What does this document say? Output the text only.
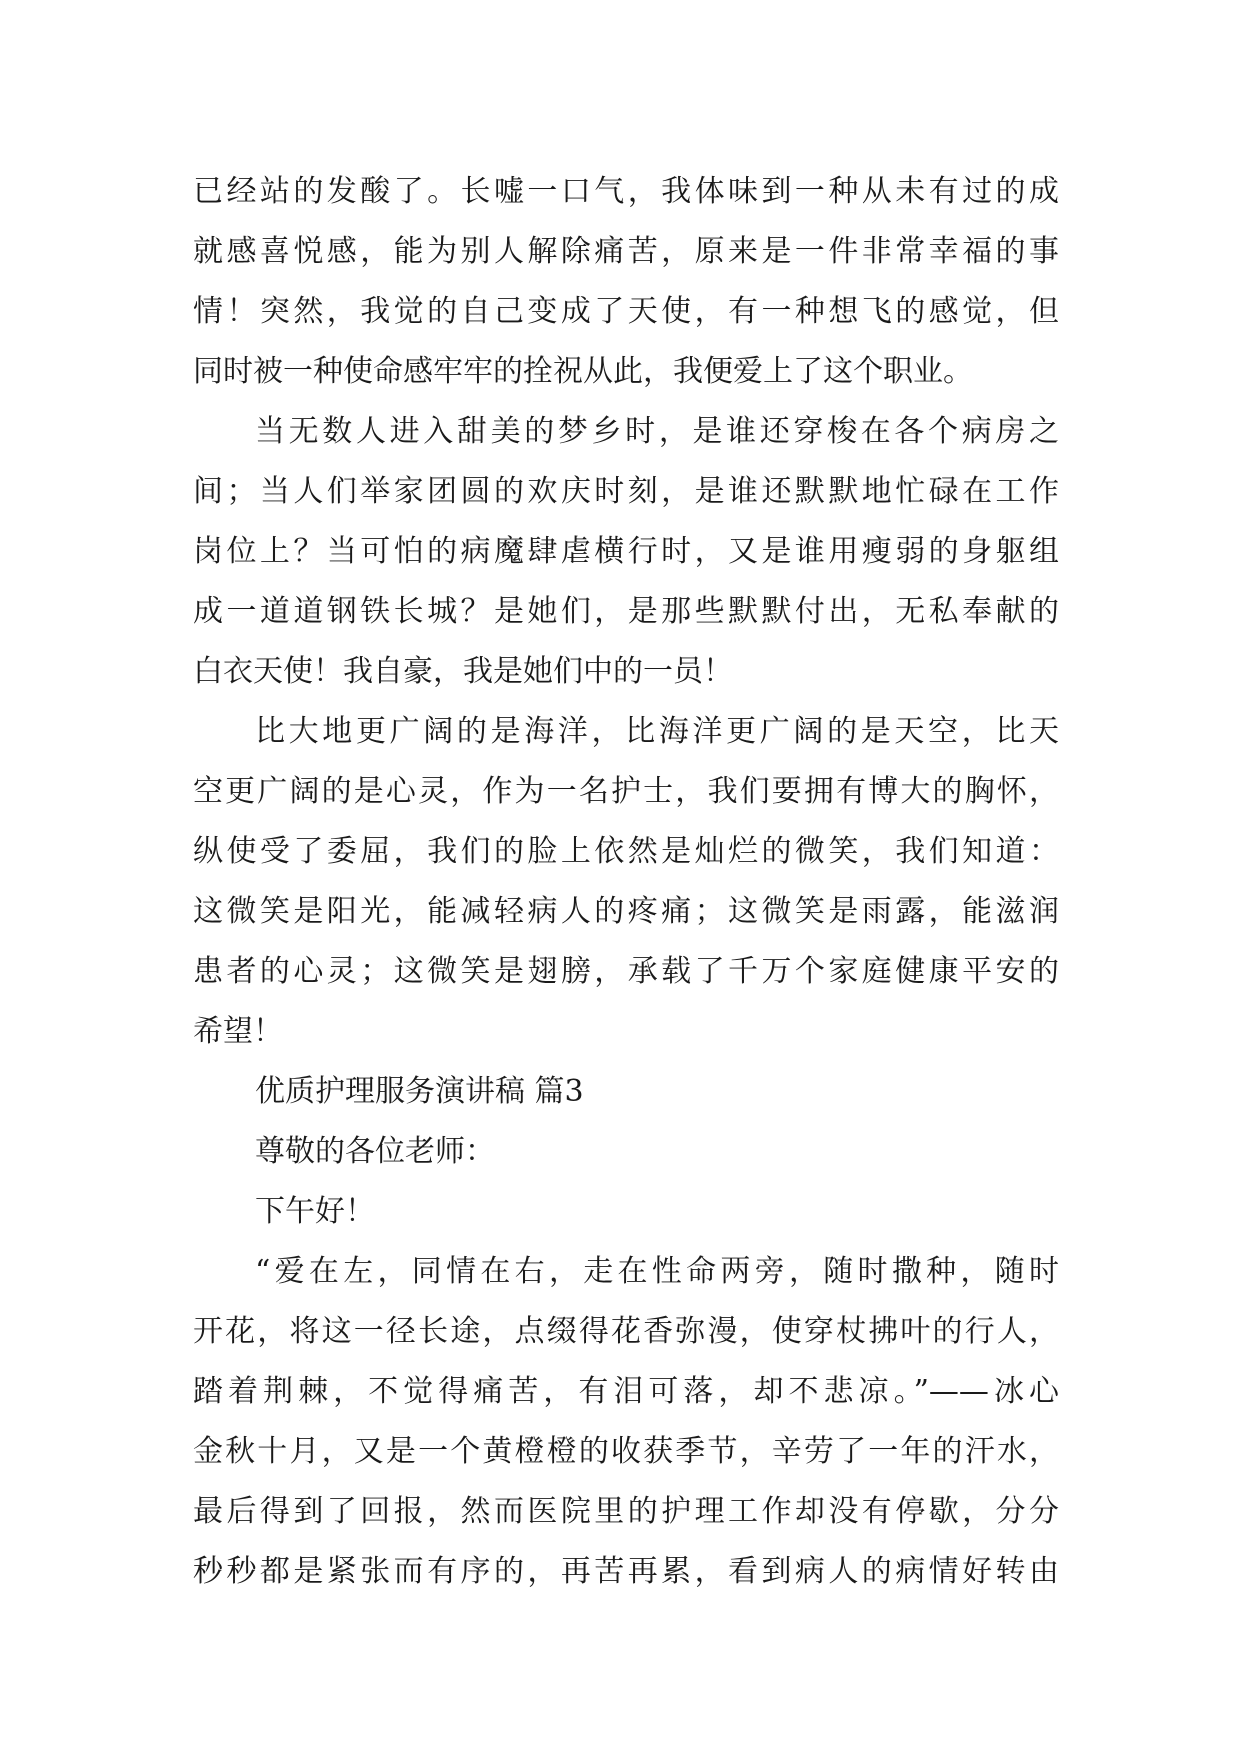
已经站的发酸了。长嘘一口气，我体味到一种从未有过的成
就感喜悦感，能为别人解除痛苦，原来是一件非常幸福的事
情！突然，我觉的自己变成了天使，有一种想飞的感觉，但
同时被一种使命感牢牢的拴祝从此，我便爱上了这个职业。
当无数人进入甜美的梦乡时，是谁还穿梭在各个病房之
间；当人们举家团圆的欢庆时刻，是谁还默默地忙碌在工作
岗位上？当可怕的病魔肆虐横行时，又是谁用瘦弱的身躯组
成一道道钢铁长城？是她们，是那些默默付出，无私奉献的
白衣天使！我自豪，我是她们中的一员！
比大地更广阔的是海洋，比海洋更广阔的是天空，比天
空更广阔的是心灵，作为一名护士，我们要拥有博大的胸怀，
纵使受了委屈，我们的脸上依然是灿烂的微笑，我们知道：
这微笑是阳光，能减轻病人的疼痛；这微笑是雨露，能滋润
患者的心灵；这微笑是翅膀，承载了千万个家庭健康平安的
希望！
优质护理服务演讲稿 篇3
尊敬的各位老师：
下午好！
“爱在左，同情在右，走在性命两旁，随时撒种，随时
开花，将这一径长途，点缀得花香弥漫，使穿杖拂叶的行人，
踏着荆棘，不觉得痛苦，有泪可落，却不悲凉。”——冰心
金秋十月，又是一个黄橙橙的收获季节，辛劳了一年的汗水，
最后得到了回报，然而医院里的护理工作却没有停歇，分分
秒秒都是紧张而有序的，再苦再累，看到病人的病情好转由
